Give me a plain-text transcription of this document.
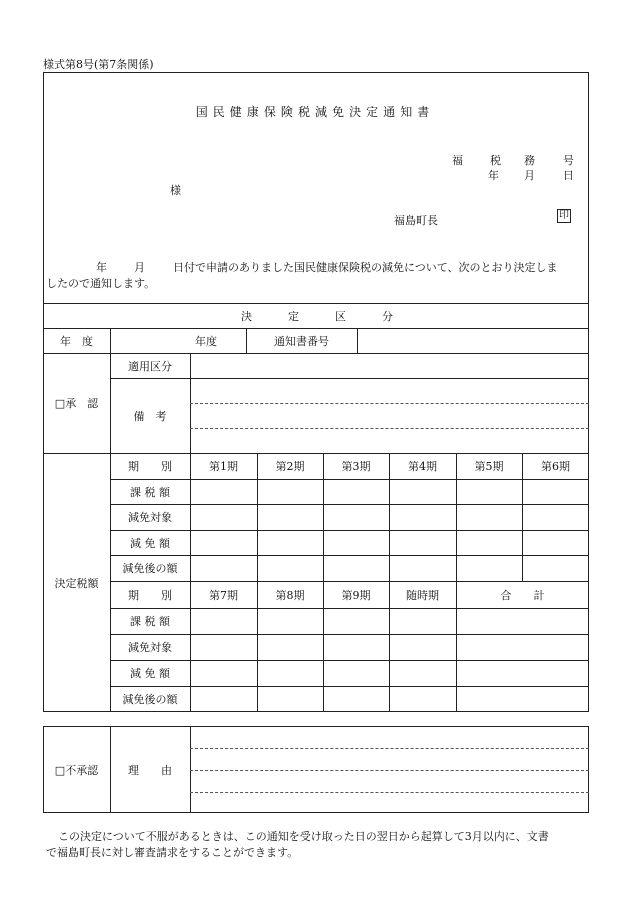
様式第8号(第7条関係)
国民健康保険税減免決定通知書
福 税 務	号
年 月	日
様
福島町長	印
年 月	日付で申請のありました国民健康保険税の減免について、次のとおり決定しま
したので通知します。
決	定	区	分
年　度	年度	通知書番号
□承　認
適用区分
備　考
決定税額
期　　別	第1期	第2期	第3期	第4期	第5期	第6期
課 税 額
減免対象
減 免 額
減免後の額
期　　別	第7期	第8期	第9期	随時期	合　　計
課 税 額
減免対象
減 免 額
減免後の額
□不承認	理　　由
この決定について不服があるときは、この通知を受け取った日の翌日から起算して3月以内に、文書
で福島町長に対し審査請求をすることができます。
